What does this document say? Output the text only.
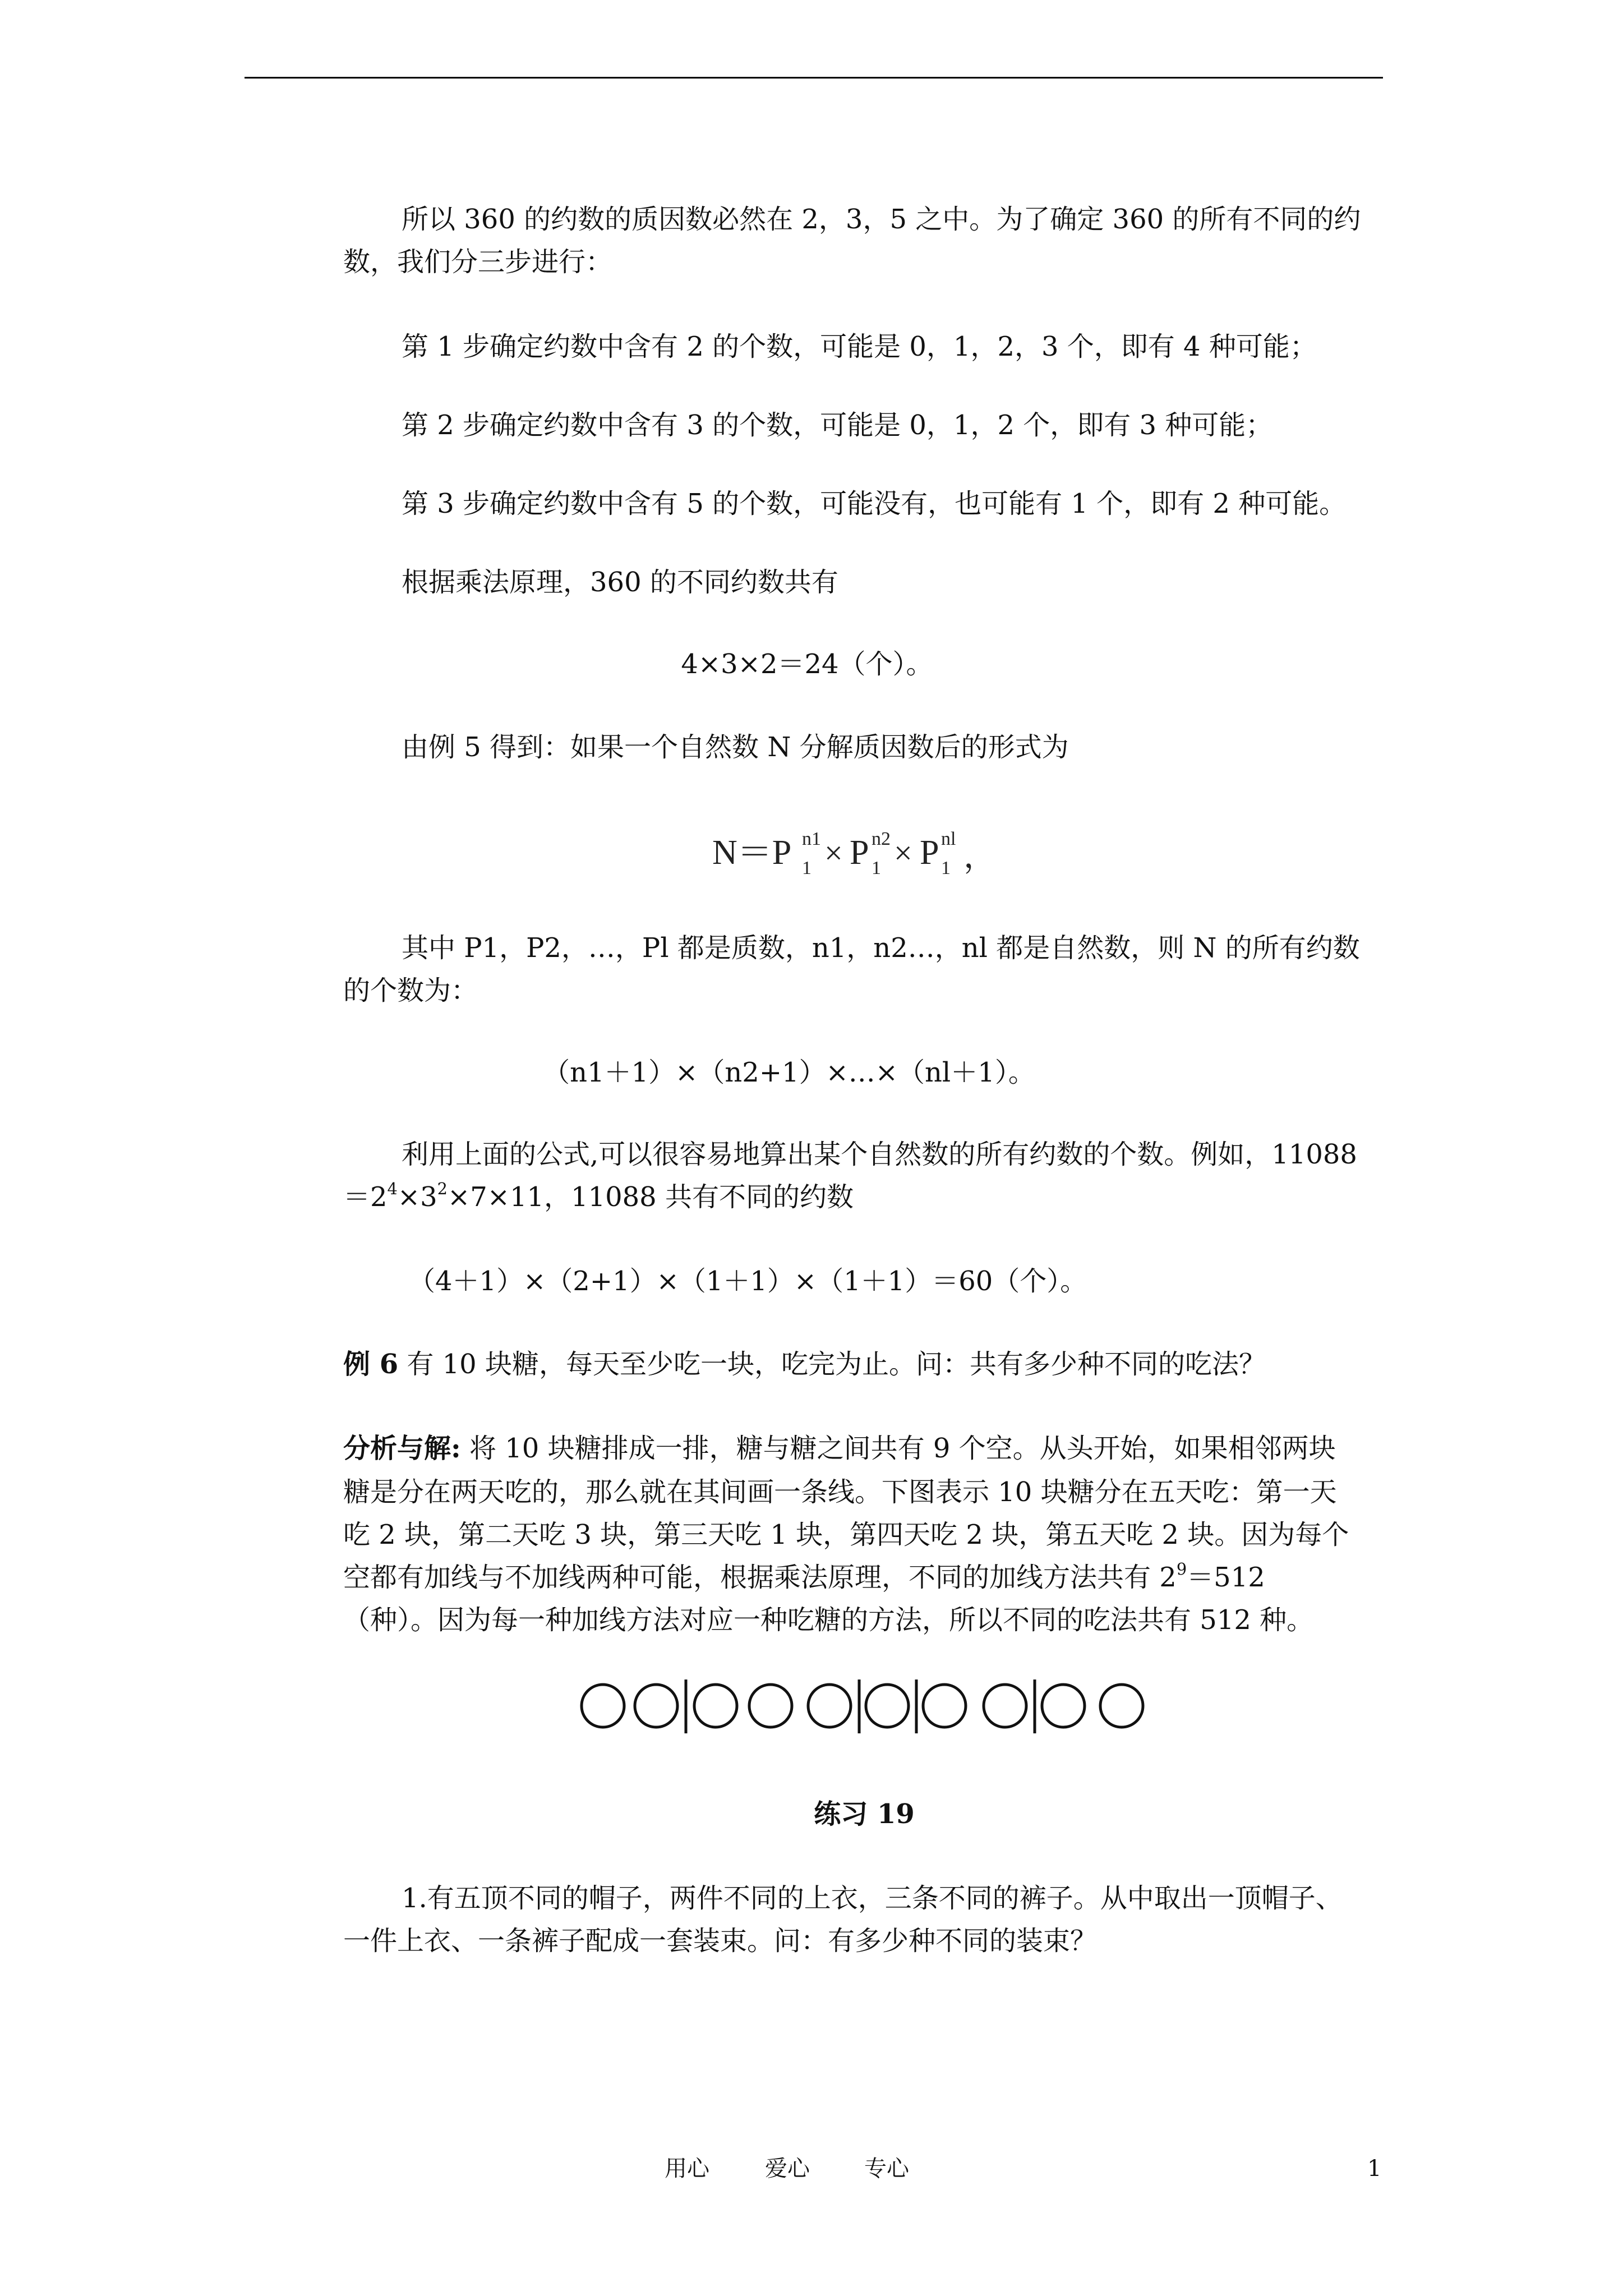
所以 360 的约数的质因数必然在 2，3，5 之中。为了确定 360 的所有不同的约

数，我们分三步进行：

第 1 步确定约数中含有 2 的个数，可能是 0，1，2，3 个，即有 4 种可能；

第 2 步确定约数中含有 3 的个数，可能是 0，1，2 个，即有 3 种可能；

第 3 步确定约数中含有 5 的个数，可能没有，也可能有 1 个，即有 2 种可能。

根据乘法原理，360 的不同约数共有

4×3×2＝24（个）。

由例 5 得到：如果一个自然数 N 分解质因数后的形式为

N＝P 1
n1 × P 1
n2 × P 1
nl ，

其中 P1，P2，…，Pl 都是质数，n1，n2…，nl 都是自然数，则 N 的所有约数

的个数为：

（n1＋1）×（n2+1）×…×（nl＋1）。

利用上面的公式,可以很容易地算出某个自然数的所有约数的个数。例如，11088

$=2^4\times 3^2\times 7\times 11$，11088 共有不同的约数

（4＋1）×（2+1）×（1＋1）×（1＋1）＝60（个）。

例 6 有 10 块糖，每天至少吃一块，吃完为止。问：共有多少种不同的吃法？

分析与解: 将 10 块糖排成一排，糖与糖之间共有 9 个空。从头开始，如果相邻两块

糖是分在两天吃的，那么就在其间画一条线。下图表示 10 块糖分在五天吃：第一天

吃 2 块，第二天吃 3 块，第三天吃 1 块，第四天吃 2 块，第五天吃 2 块。因为每个

空都有加线与不加线两种可能，根据乘法原理，不同的加线方法共有 $2^9=512$

（种）。因为每一种加线方法对应一种吃糖的方法，所以不同的吃法共有 512 种。

练习 19

1.有五顶不同的帽子，两件不同的上衣，三条不同的裤子。从中取出一顶帽子、

一件上衣、一条裤子配成一套装束。问：有多少种不同的装束？

用心 爱心 专心	1
